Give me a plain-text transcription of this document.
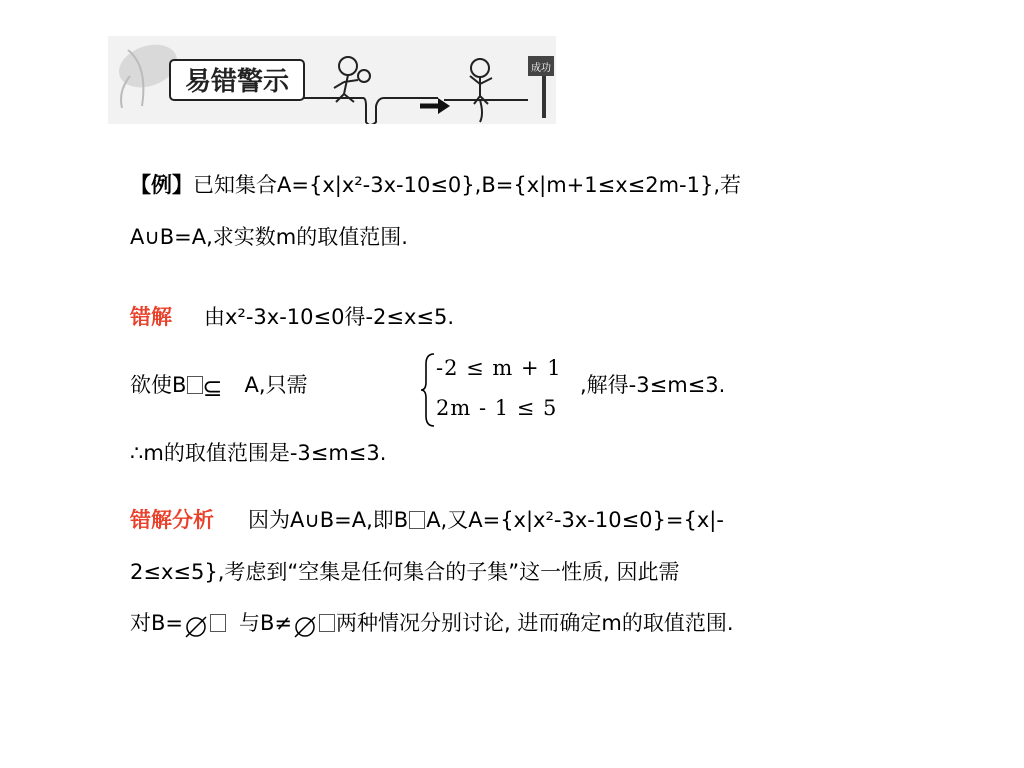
易错警示	成功
【例】已知集合A={x|x²-3x-10≤0},B={x|m+1≤x≤2m-1},若
A∪B=A,求实数m的取值范围.
错解 由x²-3x-10≤0得-2≤x≤5.
欲使B ⊆ A,只需
-2 ≤ m + 1
2m - 1 ≤ 5
,解得-3≤m≤3.
∴m的取值范围是-3≤m≤3.
错解分析 因为A∪B=A,即B A,又A={x|x²-3x-10≤0}={x|-
2≤x≤5},考虑到“空集是任何集合的子集”这一性质, 因此需
对B=	与B≠ 两种情况分别讨论, 进而确定m的取值范围.
